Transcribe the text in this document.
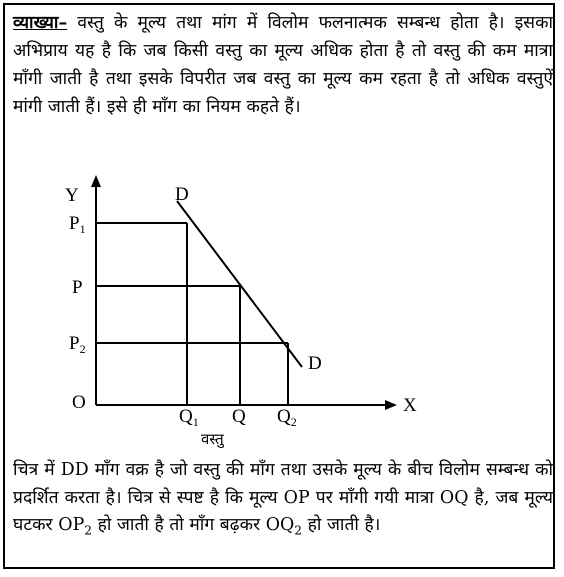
व्याख्या– वस्तु के मूल्य तथा मांग में विलोम फलनात्मक सम्बन्ध होता है। इसका अभिप्राय यह है कि जब किसी वस्तु का मूल्य अधिक होता है तो वस्तु की कम मात्रा माँगी जाती है तथा इसके विपरीत जब वस्तु का मूल्य कम रहता है तो अधिक वस्तुऐं मांगी जाती हैं। इसे ही माँग का नियम कहते हैं।
Y
X
O
D
D
$P_1$
P
$P_2$
$Q_1$ Q $Q_2$
वस्तु
चित्र में DD माँग वक्र है जो वस्तु की माँग तथा उसके मूल्य के बीच विलोम सम्बन्ध को प्रदर्शित करता है। चित्र से स्पष्ट है कि मूल्य OP पर माँगी गयी मात्रा OQ है, जब मूल्य घटकर $OP_2$ हो जाती है तो माँग बढ़कर $OQ_2$ हो जाती है।
